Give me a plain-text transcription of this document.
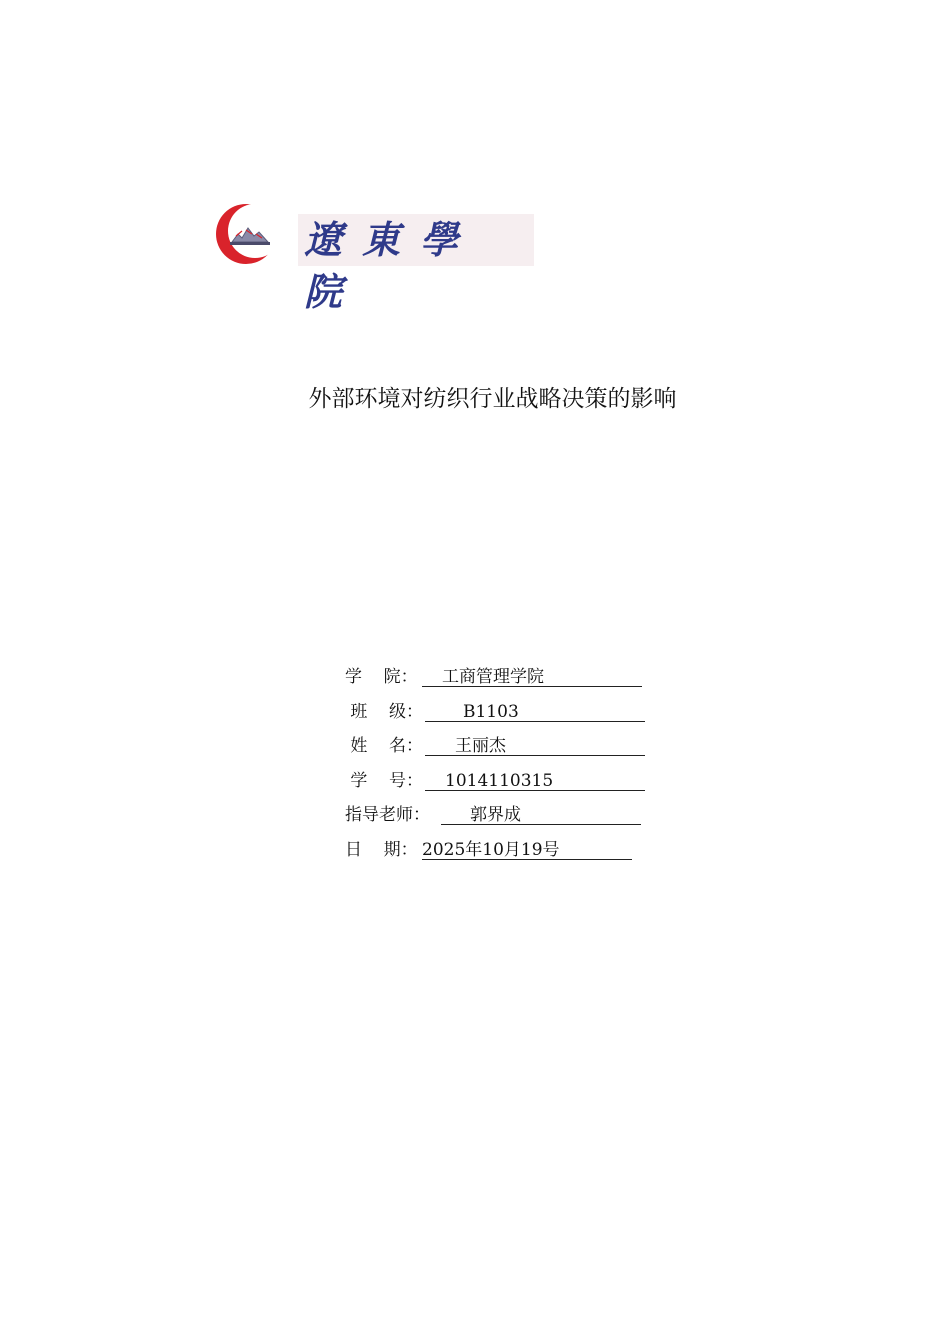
遼東學院
外部环境对纺织行业战略决策的影响
学    院： 工商管理学院
班    级： B1103
姓    名： 王丽杰
学    号： 1014110315
指导老师： 郭界成
日    期： 2025年10月19号
